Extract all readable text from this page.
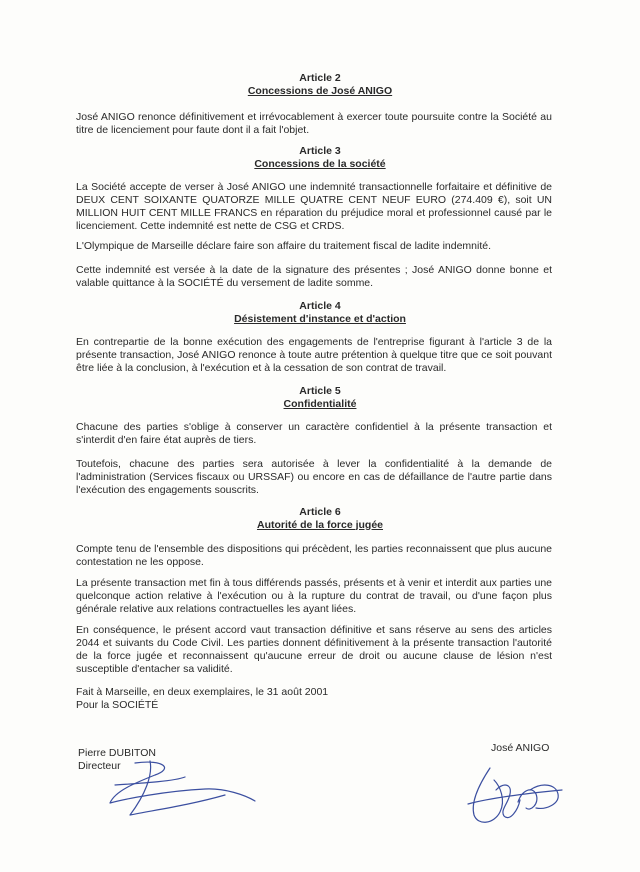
Article 2
Concessions de José ANIGO

José ANIGO renonce définitivement et irrévocablement à exercer toute poursuite contre la Société au titre de licenciement pour faute dont il a fait l'objet.

Article 3
Concessions de la société

La Société accepte de verser à José ANIGO une indemnité transactionnelle forfaitaire et définitive de DEUX CENT SOIXANTE QUATORZE MILLE QUATRE CENT NEUF EURO (274.409 €), soit UN MILLION HUIT CENT MILLE FRANCS en réparation du préjudice moral et professionnel causé par le licenciement. Cette indemnité est nette de CSG et CRDS.

L'Olympique de Marseille déclare faire son affaire du traitement fiscal de ladite indemnité.

Cette indemnité est versée à la date de la signature des présentes ; José ANIGO donne bonne et valable quittance à la SOCIÉTÉ du versement de ladite somme.

Article 4
Désistement d'instance et d'action

En contrepartie de la bonne exécution des engagements de l'entreprise figurant à l'article 3 de la présente transaction, José ANIGO renonce à toute autre prétention à quelque titre que ce soit pouvant être liée à la conclusion, à l'exécution et à la cessation de son contrat de travail.

Article 5
Confidentialité

Chacune des parties s'oblige à conserver un caractère confidentiel à la présente transaction et s'interdit d'en faire état auprès de tiers.

Toutefois, chacune des parties sera autorisée à lever la confidentialité à la demande de l'administration (Services fiscaux ou URSSAF) ou encore en cas de défaillance de l'autre partie dans l'exécution des engagements souscrits.

Article 6
Autorité de la force jugée

Compte tenu de l'ensemble des dispositions qui précèdent, les parties reconnaissent que plus aucune contestation ne les oppose.

La présente transaction met fin à tous différends passés, présents et à venir et interdit aux parties une quelconque action relative à l'exécution ou à la rupture du contrat de travail, ou d'une façon plus générale relative aux relations contractuelles les ayant liées.

En conséquence, le présent accord vaut transaction définitive et sans réserve au sens des articles 2044 et suivants du Code Civil. Les parties donnent définitivement à la présente transaction l'autorité de la force jugée et reconnaissent qu'aucune erreur de droit ou aucune clause de lésion n'est susceptible d'entacher sa validité.

Fait à Marseille, en deux exemplaires, le 31 août 2001
Pour la SOCIÉTÉ
Pierre DUBITON
Directeur
José ANIGO
